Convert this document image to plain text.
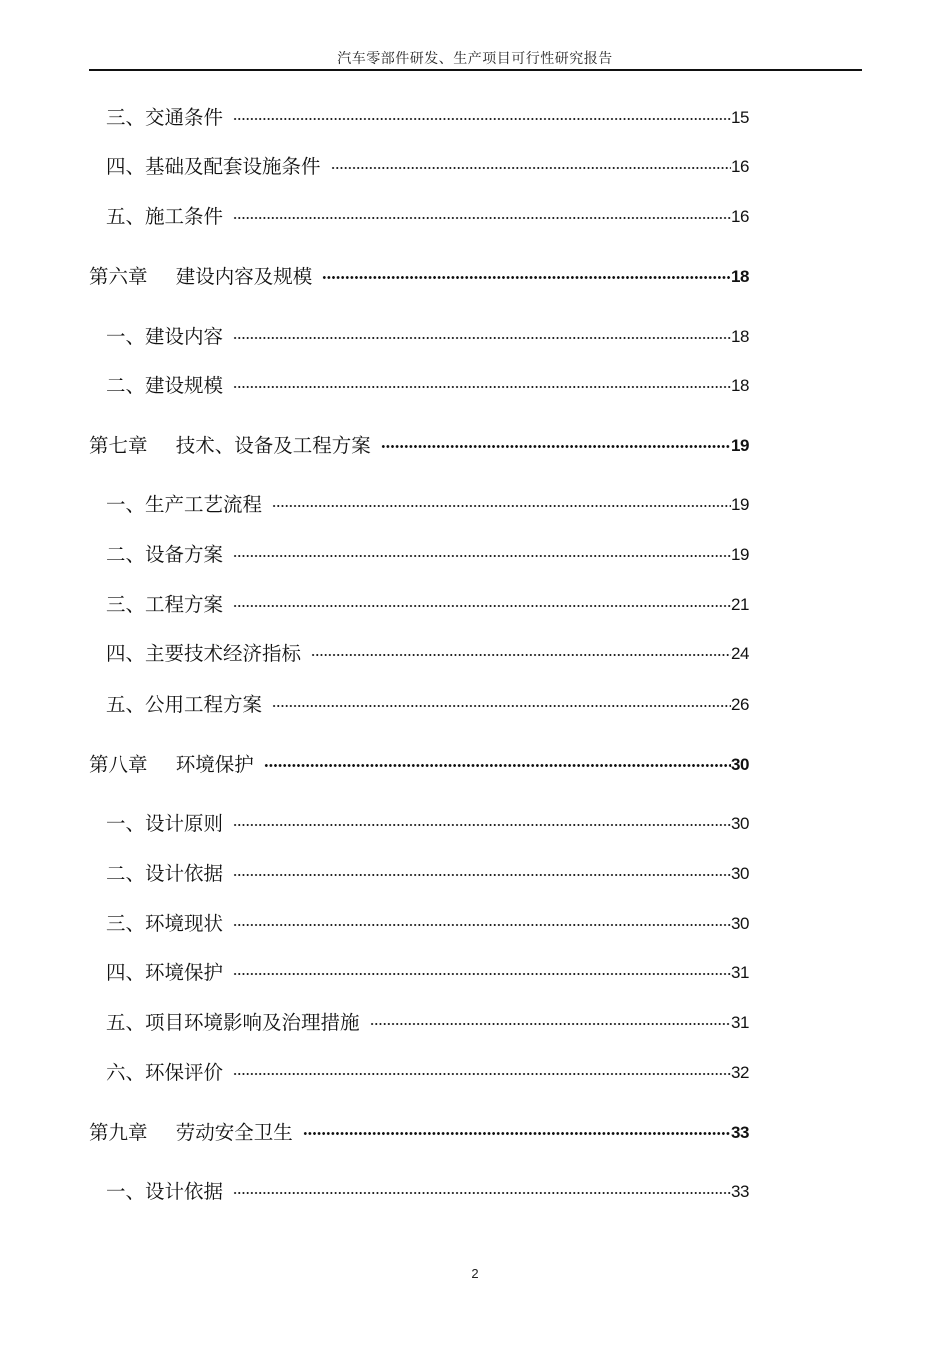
汽车零部件研发、生产项目可行性研究报告
三、交通条件	15
四、基础及配套设施条件	16
五、施工条件	16
第六章 建设内容及规模	18
一、建设内容	18
二、建设规模	18
第七章 技术、设备及工程方案	19
一、生产工艺流程	19
二、设备方案	19
三、工程方案	21
四、主要技术经济指标	24
五、公用工程方案	26
第八章 环境保护	30
一、设计原则	30
二、设计依据	30
三、环境现状	30
四、环境保护	31
五、项目环境影响及治理措施	31
六、环保评价	32
第九章 劳动安全卫生	33
一、设计依据	33
2
